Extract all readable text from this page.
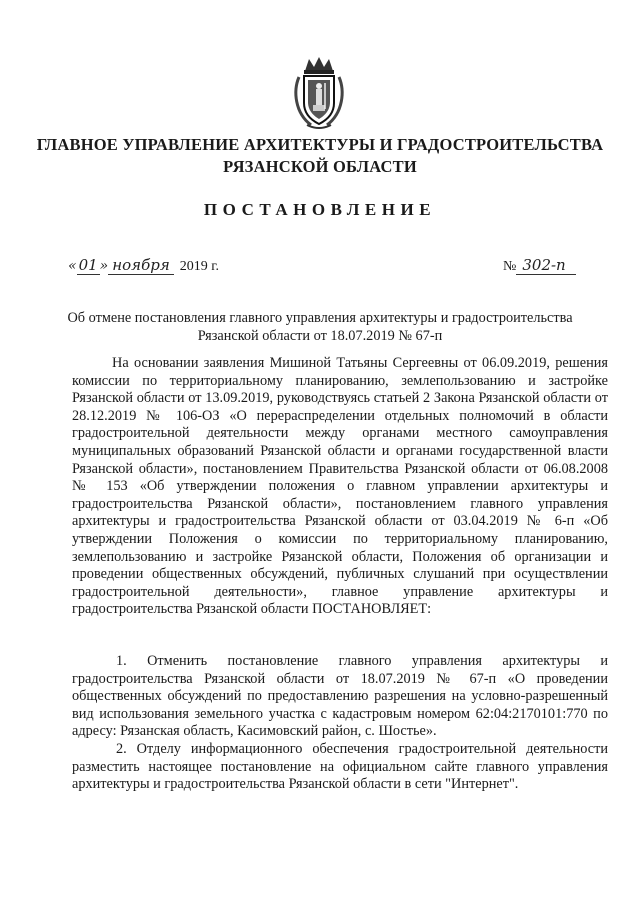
ГЛАВНОЕ УПРАВЛЕНИЕ АРХИТЕКТУРЫ И ГРАДОСТРОИТЕЛЬСТВА
РЯЗАНСКОЙ ОБЛАСТИ
ПОСТАНОВЛЕНИЕ
« 01 » ноября 2019 г.	№ 302-п
Об отмене постановления главного управления архитектуры и градостроительства
Рязанской области от 18.07.2019 № 67-п
На основании заявления Мишиной Татьяны Сергеевны от 06.09.2019, решения комиссии по территориальному планированию, землепользованию и застройке Рязанской области от 13.09.2019, руководствуясь статьей 2 Закона Рязанской области от 28.12.2019 № 106-ОЗ «О перераспределении отдельных полномочий в области градостроительной деятельности между органами местного самоуправления муниципальных образований Рязанской области и органами государственной власти Рязанской области», постановлением Правительства Рязанской области от 06.08.2008 № 153 «Об утверждении положения о главном управлении архитектуры и градостроительства Рязанской области», постановлением главного управления архитектуры и градостроительства Рязанской области от 03.04.2019 № 6-п «Об утверждении Положения о комиссии по территориальному планированию, землепользованию и застройке Рязанской области, Положения об организации и проведении общественных обсуждений, публичных слушаний при осуществлении градостроительной деятельности», главное управление архитектуры и градостроительства Рязанской области ПОСТАНОВЛЯЕТ:
1. Отменить постановление главного управления архитектуры и градостроительства Рязанской области от 18.07.2019 № 67-п «О проведении общественных обсуждений по предоставлению разрешения на условно-разрешенный вид использования земельного участка с кадастровым номером 62:04:2170101:770 по адресу: Рязанская область, Касимовский район, с. Шостье».
2. Отделу информационного обеспечения градостроительной деятельности разместить настоящее постановление на официальном сайте главного управления архитектуры и градостроительства Рязанской области в сети "Интернет".
